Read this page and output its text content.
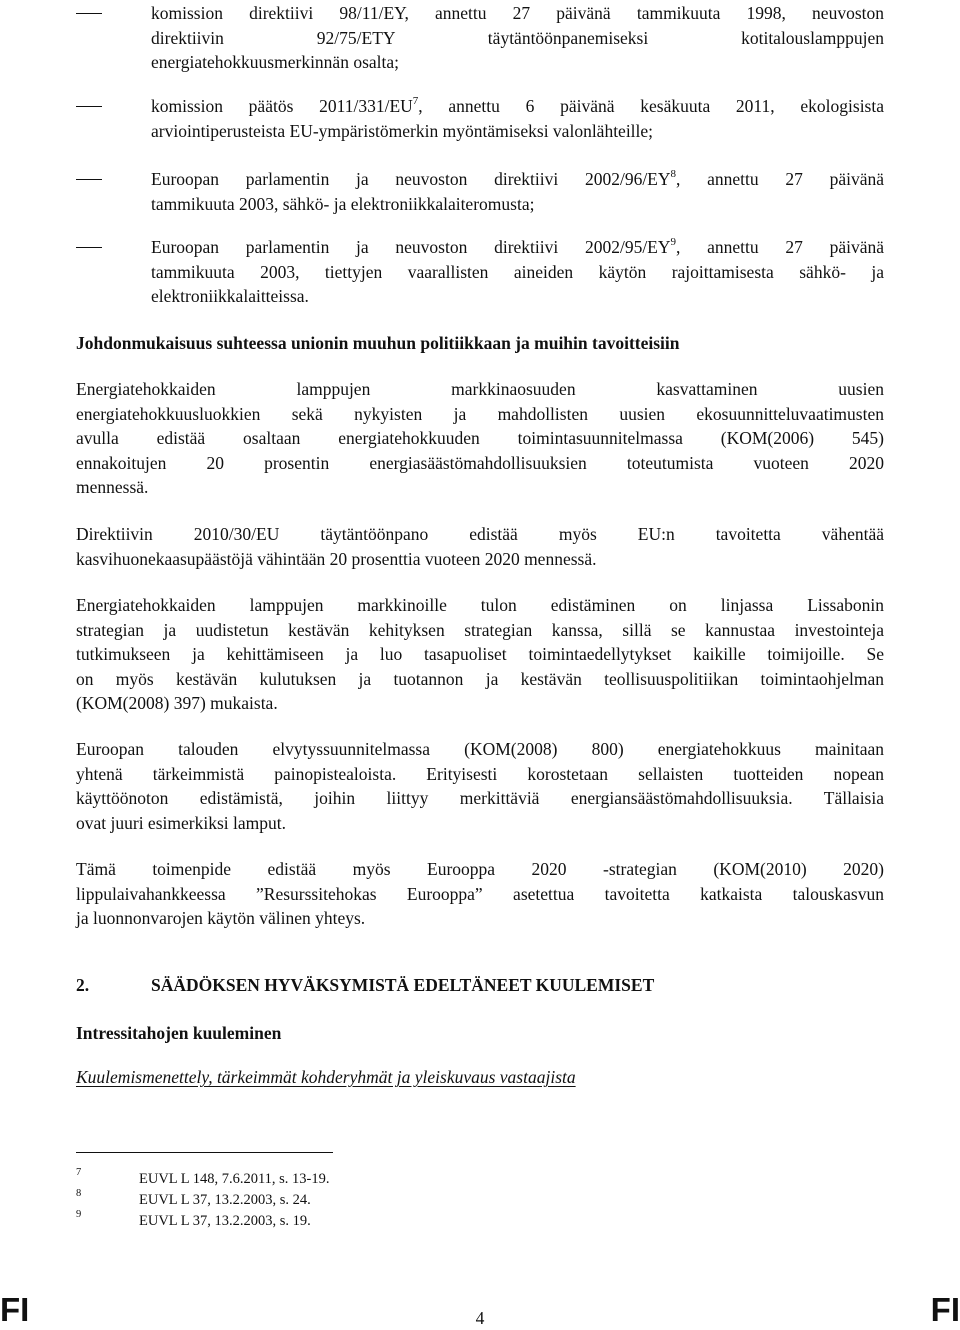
komission direktiivi 98/11/EY, annettu 27 päivänä tammikuuta 1998, neuvoston
direktiivin 92/75/ETY täytäntöönpanemiseksi kotitalouslamppujen
energiatehokkuusmerkinnän osalta;
komission päätös $2011/331/EU^7$, annettu 6 päivänä kesäkuuta 2011, ekologisista
arviointiperusteista EU-ympäristömerkin myöntämiseksi valonlähteille;
Euroopan parlamentin ja neuvoston direktiivi $2002/96/EY^8$, annettu 27 päivänä
tammikuuta 2003, sähkö- ja elektroniikkalaiteromusta;
Euroopan parlamentin ja neuvoston direktiivi $2002/95/EY^9$, annettu 27 päivänä
tammikuuta 2003, tiettyjen vaarallisten aineiden käytön rajoittamisesta sähkö- ja
elektroniikkalaitteissa.
Johdonmukaisuus suhteessa unionin muuhun politiikkaan ja muihin tavoitteisiin
Energiatehokkaiden lamppujen markkinaosuuden kasvattaminen uusien
energiatehokkuusluokkien sekä nykyisten ja mahdollisten uusien ekosuunnitteluvaatimusten
avulla edistää osaltaan energiatehokkuuden toimintasuunnitelmassa (KOM(2006) 545)
ennakoitujen 20 prosentin energiasäästömahdollisuuksien toteutumista vuoteen 2020
mennessä.
Direktiivin 2010/30/EU täytäntöönpano edistää myös EU:n tavoitetta vähentää
kasvihuonekaasupäästöjä vähintään 20 prosenttia vuoteen 2020 mennessä.
Energiatehokkaiden lamppujen markkinoille tulon edistäminen on linjassa Lissabonin
strategian ja uudistetun kestävän kehityksen strategian kanssa, sillä se kannustaa investointeja
tutkimukseen ja kehittämiseen ja luo tasapuoliset toimintaedellytykset kaikille toimijoille. Se
on myös kestävän kulutuksen ja tuotannon ja kestävän teollisuuspolitiikan toimintaohjelman
(KOM(2008) 397) mukaista.
Euroopan talouden elvytyssuunnitelmassa (KOM(2008) 800) energiatehokkuus mainitaan
yhtenä tärkeimmistä painopistealoista. Erityisesti korostetaan sellaisten tuotteiden nopean
käyttöönoton edistämistä, joihin liittyy merkittäviä energiansäästömahdollisuuksia. Tällaisia
ovat juuri esimerkiksi lamput.
Tämä toimenpide edistää myös Eurooppa 2020 -strategian (KOM(2010) 2020)
lippulaivahankkeessa ”Resurssitehokas Eurooppa” asetettua tavoitetta katkaista talouskasvun
ja luonnonvarojen käytön välinen yhteys.
2.	SÄÄDÖKSEN HYVÄKSYMISTÄ EDELTÄNEET KUULEMISET
Intressitahojen kuuleminen
Kuulemismenettely, tärkeimmät kohderyhmät ja yleiskuvaus vastaajista
7	EUVL L 148, 7.6.2011, s. 13-19.
8	EUVL L 37, 13.2.2003, s. 24.
9	EUVL L 37, 13.2.2003, s. 19.
FI	4	FI
